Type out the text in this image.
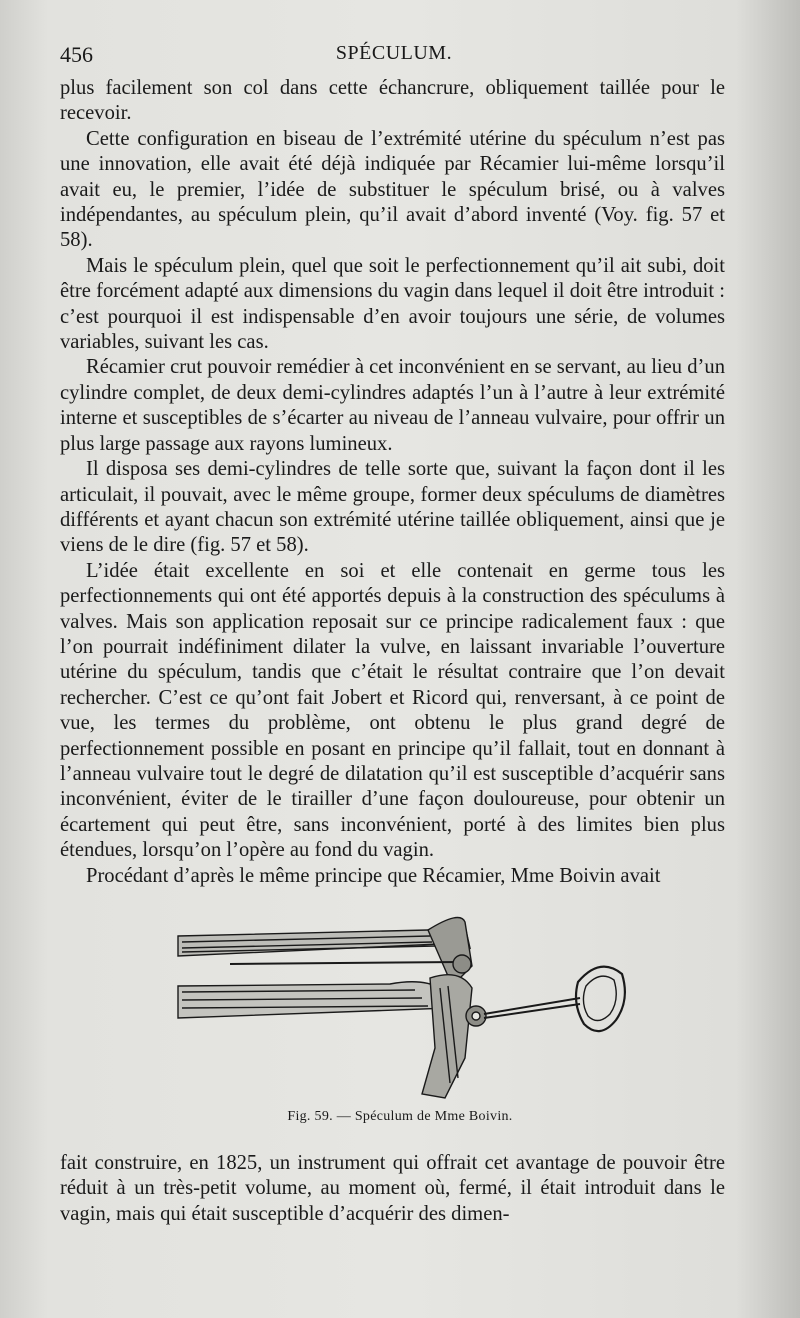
456	SPÉCULUM.

plus facilement son col dans cette échancrure, obliquement taillée pour le recevoir.

Cette configuration en biseau de l’extrémité utérine du spéculum n’est pas une innovation, elle avait été déjà indiquée par Récamier lui-même lorsqu’il avait eu, le premier, l’idée de substituer le spéculum brisé, ou à valves indépendantes, au spéculum plein, qu’il avait d’abord inventé (Voy. fig. 57 et 58).

Mais le spéculum plein, quel que soit le perfectionnement qu’il ait subi, doit être forcément adapté aux dimensions du vagin dans lequel il doit être introduit : c’est pourquoi il est indispensable d’en avoir toujours une série, de volumes variables, suivant les cas.

Récamier crut pouvoir remédier à cet inconvénient en se servant, au lieu d’un cylindre complet, de deux demi-cylindres adaptés l’un à l’autre à leur extrémité interne et susceptibles de s’écarter au niveau de l’anneau vulvaire, pour offrir un plus large passage aux rayons lumineux.

Il disposa ses demi-cylindres de telle sorte que, suivant la façon dont il les articulait, il pouvait, avec le même groupe, former deux spéculums de diamètres différents et ayant chacun son extrémité utérine taillée obliquement, ainsi que je viens de le dire (fig. 57 et 58).

L’idée était excellente en soi et elle contenait en germe tous les perfectionnements qui ont été apportés depuis à la construction des spéculums à valves. Mais son application reposait sur ce principe radicalement faux : que l’on pourrait indéfiniment dilater la vulve, en laissant invariable l’ouverture utérine du spéculum, tandis que c’était le résultat contraire que l’on devait rechercher. C’est ce qu’ont fait Jobert et Ricord qui, renversant, à ce point de vue, les termes du problème, ont obtenu le plus grand degré de perfectionnement possible en posant en principe qu’il fallait, tout en donnant à l’anneau vulvaire tout le degré de dilatation qu’il est susceptible d’acquérir sans inconvénient, éviter de le tirailler d’une façon douloureuse, pour obtenir un écartement qui peut être, sans inconvénient, porté à des limites bien plus étendues, lorsqu’on l’opère au fond du vagin.

Procédant d’après le même principe que Récamier, Mme Boivin avait

Fig. 59. — Spéculum de Mme Boivin.

fait construire, en 1825, un instrument qui offrait cet avantage de pouvoir être réduit à un très-petit volume, au moment où, fermé, il était introduit dans le vagin, mais qui était susceptible d’acquérir des dimen-
